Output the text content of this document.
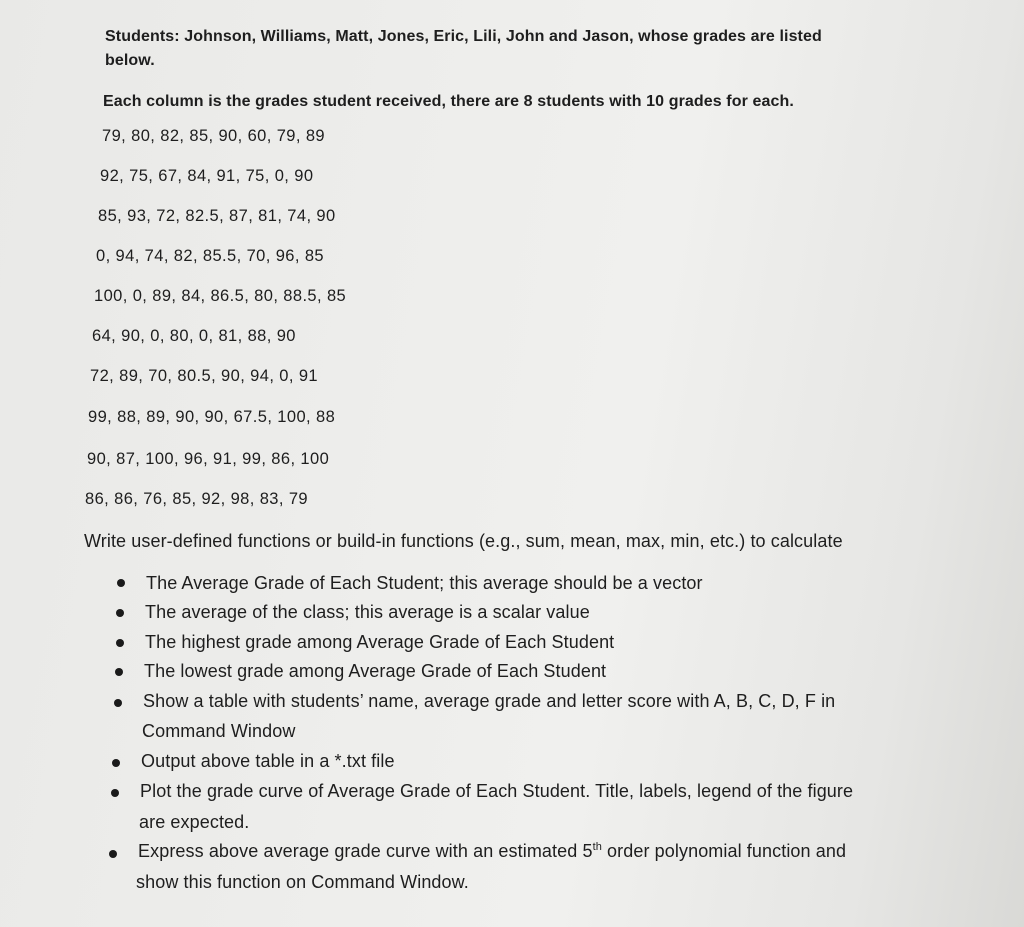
Students: Johnson, Williams, Matt, Jones, Eric, Lili, John and Jason, whose grades are listed
below.
Each column is the grades student received, there are 8 students with 10 grades for each.
79, 80, 82, 85, 90, 60, 79, 89
92, 75, 67, 84, 91, 75, 0, 90
85, 93, 72, 82.5, 87, 81, 74, 90
0, 94, 74, 82, 85.5, 70, 96, 85
100, 0, 89, 84, 86.5, 80, 88.5, 85
64, 90, 0, 80, 0, 81, 88, 90
72, 89, 70, 80.5, 90, 94, 0, 91
99, 88, 89, 90, 90, 67.5, 100, 88
90, 87, 100, 96, 91, 99, 86, 100
86, 86, 76, 85, 92, 98, 83, 79
Write user-defined functions or build-in functions (e.g., sum, mean, max, min, etc.) to calculate
The Average Grade of Each Student; this average should be a vector
The average of the class; this average is a scalar value
The highest grade among Average Grade of Each Student
The lowest grade among Average Grade of Each Student
Show a table with students’ name, average grade and letter score with A, B, C, D, F in
Command Window
Output above table in a *.txt file
Plot the grade curve of Average Grade of Each Student. Title, labels, legend of the figure
are expected.
Express above average grade curve with an estimated 5th order polynomial function and
show this function on Command Window.
